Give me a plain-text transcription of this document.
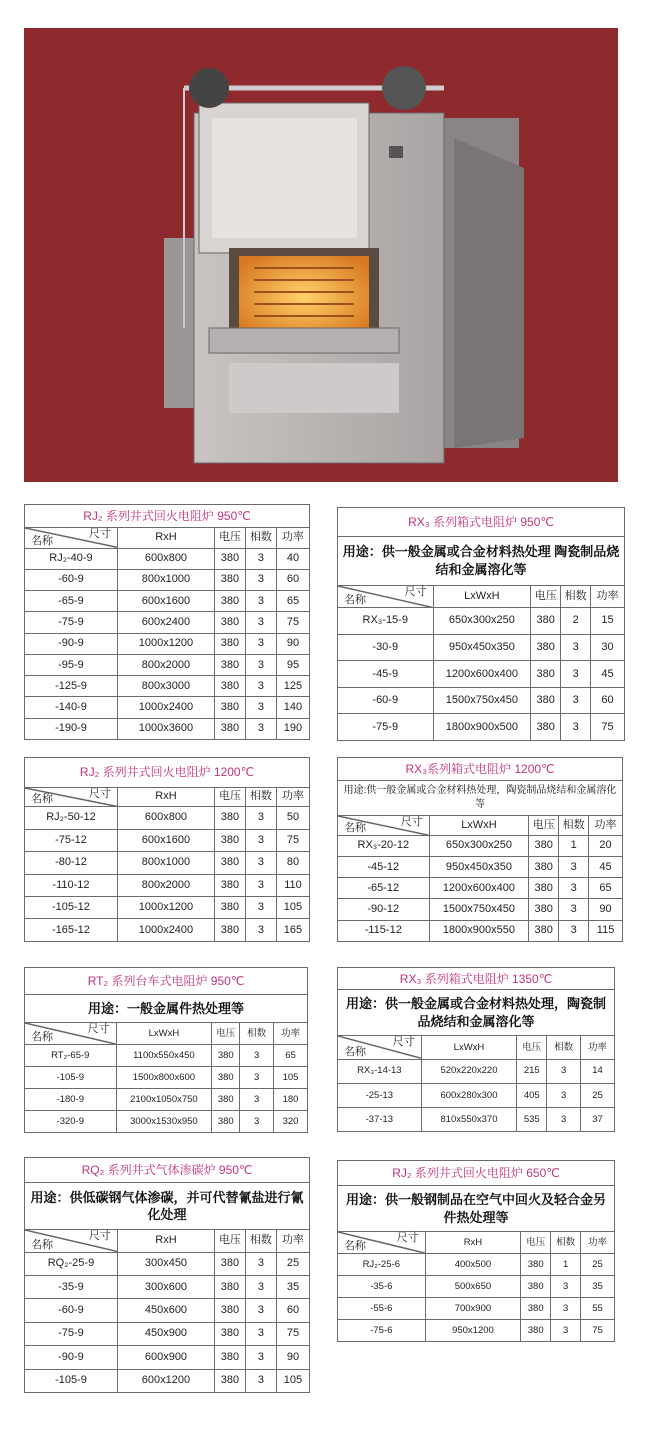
RJ₂ 系列井式回火电阻炉 950℃				

尺寸
名称	RxH	电压	相数	功率
RJ₂-40-9	600x800	380	3	40
-60-9	800x1000	380	3	60
-65-9	600x1600	380	3	65
-75-9	600x2400	380	3	75
-90-9	1000x1200	380	3	90
-95-9	800x2000	380	3	95
-125-9	800x3000	380	3	125
-140-9	1000x2400	380	3	140
-190-9	1000x3600	380	3	190
RX₃ 系列箱式电阻炉 950℃				
用途：供一般金属或合金材料热处理 陶瓷制品烧结和金属溶化等				

尺寸
名称	LxWxH	电压	相数	功率
RX₃-15-9	650x300x250	380	2	15
-30-9	950x450x350	380	3	30
-45-9	1200x600x400	380	3	45
-60-9	1500x750x450	380	3	60
-75-9	1800x900x500	380	3	75
RJ₂ 系列井式回火电阻炉 1200℃				

尺寸
名称	RxH	电压	相数	功率
RJ₂-50-12	600x800	380	3	50
-75-12	600x1600	380	3	75
-80-12	800x1000	380	3	80
-110-12	800x2000	380	3	110
-105-12	1000x1200	380	3	105
-165-12	1000x2400	380	3	165
RX₃系列箱式电阻炉 1200℃				
用途:供一般金属或合金材料热处理，陶瓷制品烧结和金属溶化等				

尺寸
名称	LxWxH	电压	相数	功率
RX₃-20-12	650x300x250	380	1	20
-45-12	950x450x350	380	3	45
-65-12	1200x600x400	380	3	65
-90-12	1500x750x450	380	3	90
-115-12	1800x900x550	380	3	115
RT₂ 系列台车式电阻炉 950℃				
用途：一般金属件热处理等				

尺寸
名称	LxWxH	电压	相数	功率
RT₂-65-9	1100x550x450	380	3	65
-105-9	1500x800x600	380	3	105
-180-9	2100x1050x750	380	3	180
-320-9	3000x1530x950	380	3	320
RX₃ 系列箱式电阻炉 1350℃				
用途：供一般金属或合金材料热处理，陶瓷制品烧结和金属溶化等				

尺寸
名称	LxWxH	电压	相数	功率
RX₃-14-13	520x220x220	215	3	14
-25-13	600x280x300	405	3	25
-37-13	810x550x370	535	3	37
RQ₂ 系列井式气体渗碳炉 950℃				
用途：供低碳钢气体渗碳，并可代替氰盐进行氰化处理				

尺寸
名称	RxH	电压	相数	功率
RQ₂-25-9	300x450	380	3	25
-35-9	300x600	380	3	35
-60-9	450x600	380	3	60
-75-9	450x900	380	3	75
-90-9	600x900	380	3	90
-105-9	600x1200	380	3	105
RJ₂ 系列井式回火电阻炉 650℃				
用途：供一般钢制品在空气中回火及轻合金另件热处理等				

尺寸
名称	RxH	电压	相数	功率
RJ₂-25-6	400x500	380	1	25
-35-6	500x650	380	3	35
-55-6	700x900	380	3	55
-75-6	950x1200	380	3	75
